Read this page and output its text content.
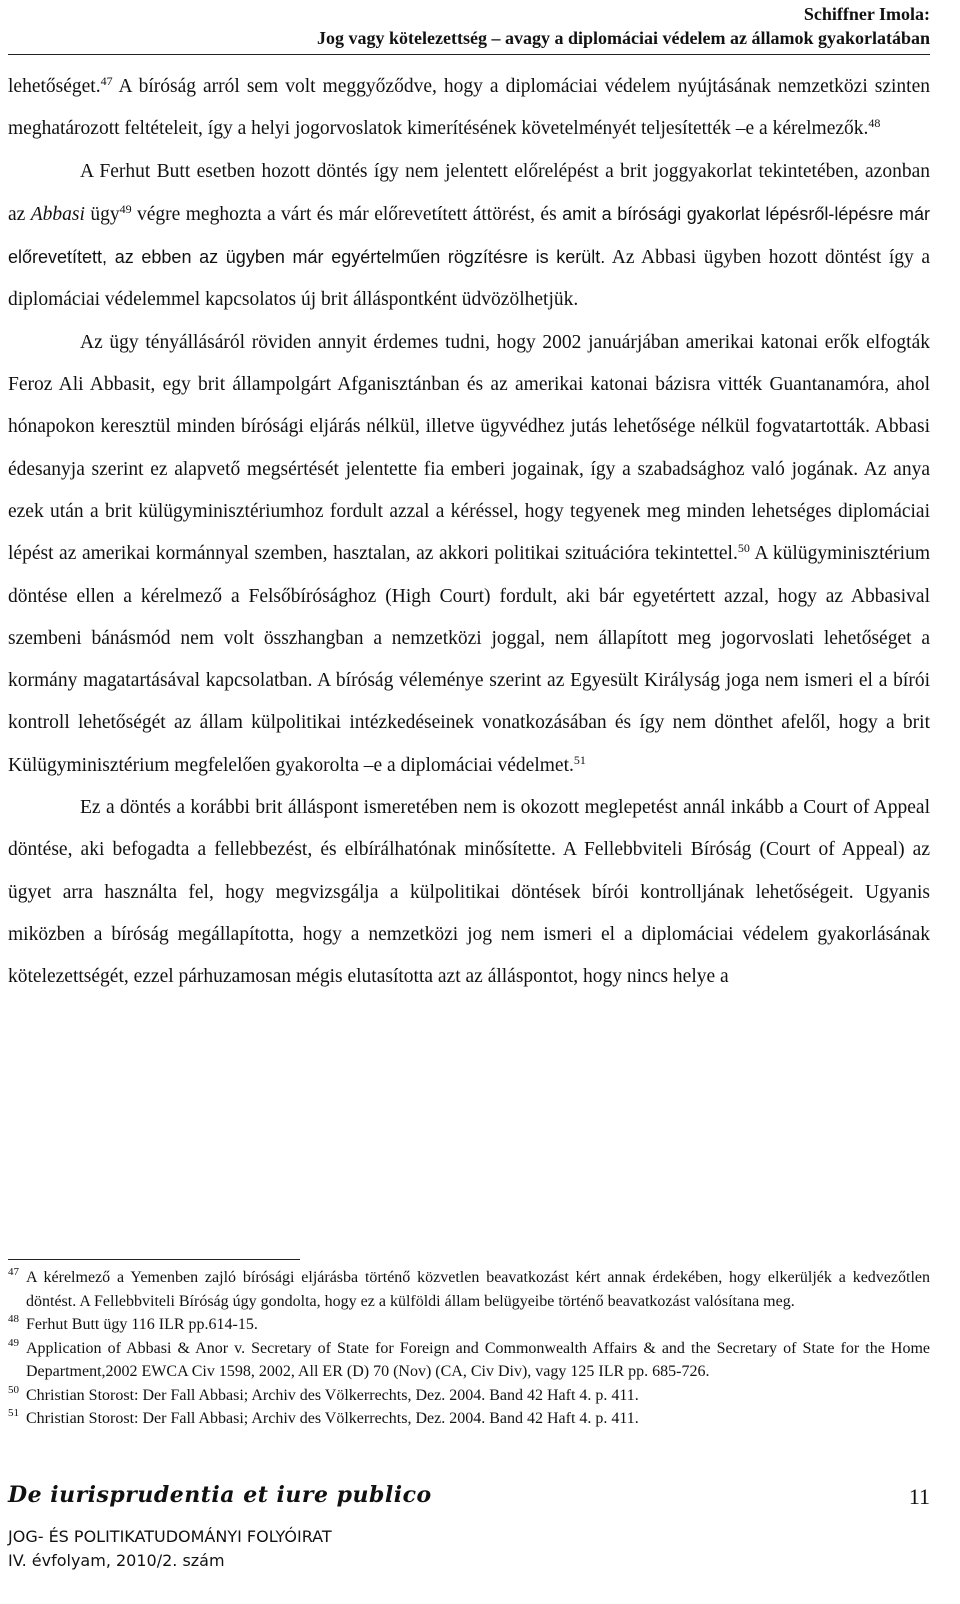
Schiffner Imola:
Jog vagy kötelezettség – avagy a diplomáciai védelem az államok gyakorlatában

lehetőséget.$^{47}$ A bíróság arról sem volt meggyőződve, hogy a diplomáciai védelem nyújtásának nemzetközi szinten meghatározott feltételeit, így a helyi jogorvoslatok kimerítésének követelményét teljesítették –e a kérelmezők.$^{48}$

A Ferhut Butt esetben hozott döntés így nem jelentett előrelépést a brit joggyakorlat tekintetében, azonban az Abbasi ügy$^{49}$ végre meghozta a várt és már előrevetített áttörést, és amit a bírósági gyakorlat lépésről-lépésre már előrevetített, az ebben az ügyben már egyértelműen rögzítésre is került. Az Abbasi ügyben hozott döntést így a diplomáciai védelemmel kapcsolatos új brit álláspontként üdvözölhetjük.

Az ügy tényállásáról röviden annyit érdemes tudni, hogy 2002 januárjában amerikai katonai erők elfogták Feroz Ali Abbasit, egy brit állampolgárt Afganisztánban és az amerikai katonai bázisra vitték Guantanamóra, ahol hónapokon keresztül minden bírósági eljárás nélkül, illetve ügyvédhez jutás lehetősége nélkül fogvatartották. Abbasi édesanyja szerint ez alapvető megsértését jelentette fia emberi jogainak, így a szabadsághoz való jogának. Az anya ezek után a brit külügyminisztériumhoz fordult azzal a kéréssel, hogy tegyenek meg minden lehetséges diplomáciai lépést az amerikai kormánnyal szemben, hasztalan, az akkori politikai szituációra tekintettel.$^{50}$ A külügyminisztérium döntése ellen a kérelmező a Felsőbírósághoz (High Court) fordult, aki bár egyetértett azzal, hogy az Abbasival szembeni bánásmód nem volt összhangban a nemzetközi joggal, nem állapított meg jogorvoslati lehetőséget a kormány magatartásával kapcsolatban. A bíróság véleménye szerint az Egyesült Királyság joga nem ismeri el a bírói kontroll lehetőségét az állam külpolitikai intézkedéseinek vonatkozásában és így nem dönthet afelől, hogy a brit Külügyminisztérium megfelelően gyakorolta –e a diplomáciai védelmet.$^{51}$

Ez a döntés a korábbi brit álláspont ismeretében nem is okozott meglepetést annál inkább a Court of Appeal döntése, aki befogadta a fellebbezést, és elbírálhatónak minősítette. A Fellebbviteli Bíróság (Court of Appeal) az ügyet arra használta fel, hogy megvizsgálja a külpolitikai döntések bírói kontrolljának lehetőségeit. Ugyanis miközben a bíróság megállapította, hogy a nemzetközi jog nem ismeri el a diplomáciai védelem gyakorlásának kötelezettségét, ezzel párhuzamosan mégis elutasította azt az álláspontot, hogy nincs helye a

47 A kérelmező a Yemenben zajló bírósági eljárásba történő közvetlen beavatkozást kért annak érdekében, hogy elkerüljék a kedvezőtlen döntést. A Fellebbviteli Bíróság úgy gondolta, hogy ez a külföldi állam belügyeibe történő beavatkozást valósítana meg.
48 Ferhut Butt ügy 116 ILR pp.614-15.
49 Application of Abbasi & Anor v. Secretary of State for Foreign and Commonwealth Affairs & and the Secretary of State for the Home Department,2002 EWCA Civ 1598, 2002, All ER (D) 70 (Nov) (CA, Civ Div), vagy 125 ILR pp. 685-726.
50 Christian Storost: Der Fall Abbasi; Archiv des Völkerrechts, Dez. 2004. Band 42 Haft 4. p. 411.
51 Christian Storost: Der Fall Abbasi; Archiv des Völkerrechts, Dez. 2004. Band 42 Haft 4. p. 411.
De iurisprudentia et iure publico	11
JOG- ÉS POLITIKATUDOMÁNYI FOLYÓIRAT
IV. évfolyam, 2010/2. szám
